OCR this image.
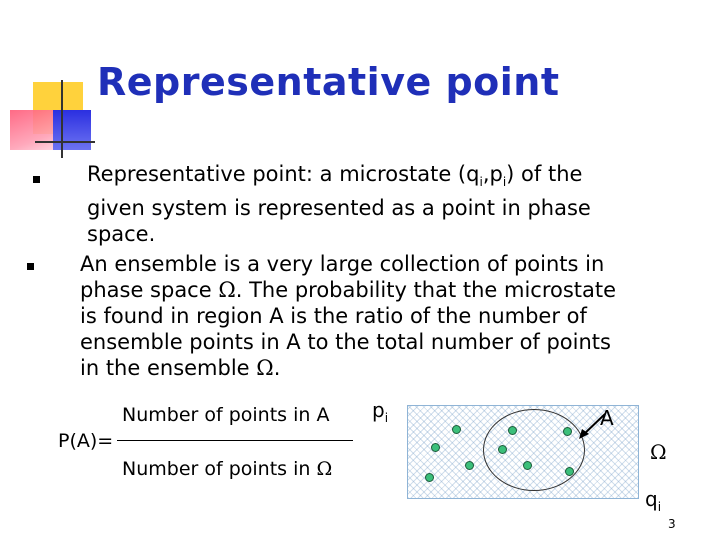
Representative point
Representative point: a microstate $(q_i,p_i)$ of the
given system is represented as a point in phase
space.
An ensemble is a very large collection of points in
phase space Ω. The probability that the microstate
is found in region A is the ratio of the number of
ensemble points in A to the total number of points
in the ensemble Ω.
P(A)=
Number of points in A
Number of points in Ω
$p_i$	A
Ω
$q_i$
3
